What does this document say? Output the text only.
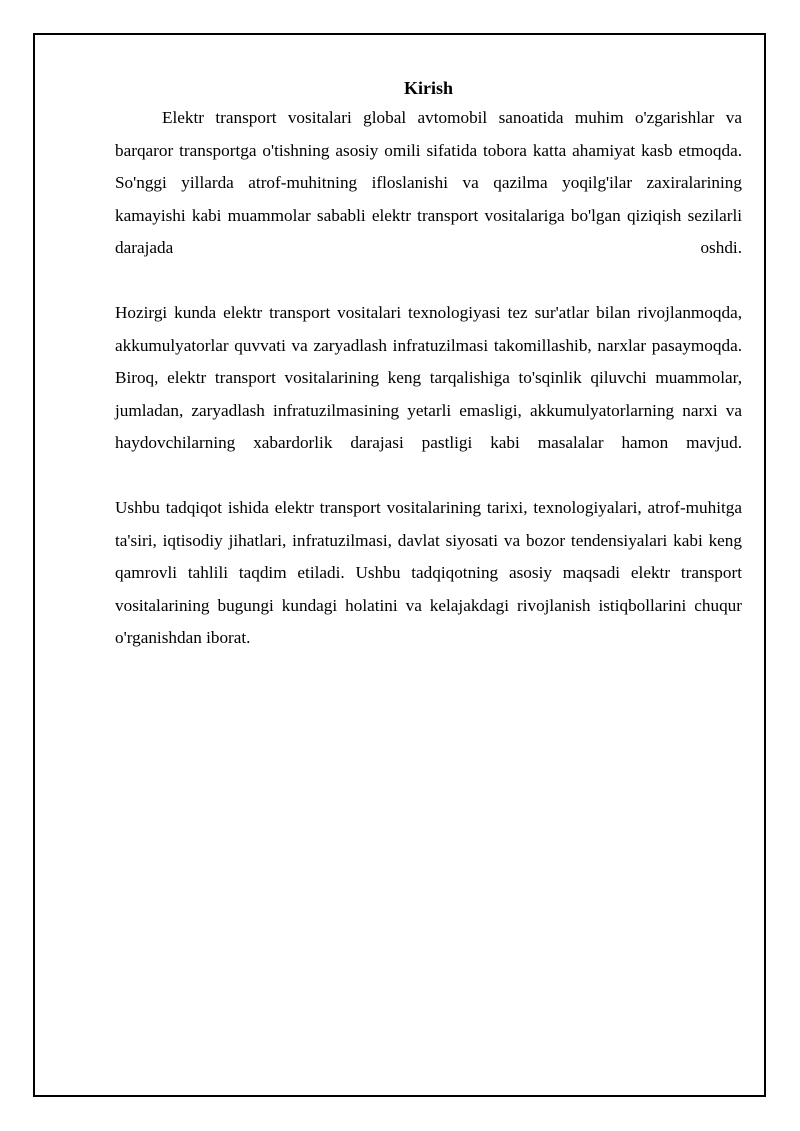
Kirish

Elektr transport vositalari global avtomobil sanoatida muhim o'zgarishlar va barqaror transportga o'tishning asosiy omili sifatida tobora katta ahamiyat kasb etmoqda. So'nggi yillarda atrof-muhitning ifloslanishi va qazilma yoqilg'ilar zaxiralarining kamayishi kabi muammolar sababli elektr transport vositalariga bo'lgan qiziqish sezilarli darajada oshdi.

Hozirgi kunda elektr transport vositalari texnologiyasi tez sur'atlar bilan rivojlanmoqda, akkumulyatorlar quvvati va zaryadlash infratuzilmasi takomillashib, narxlar pasaymoqda. Biroq, elektr transport vositalarining keng tarqalishiga to'sqinlik qiluvchi muammolar, jumladan, zaryadlash infratuzilmasining yetarli emasligi, akkumulyatorlarning narxi va haydovchilarning xabardorlik darajasi pastligi kabi masalalar hamon mavjud.

Ushbu tadqiqot ishida elektr transport vositalarining tarixi, texnologiyalari, atrof-muhitga ta'siri, iqtisodiy jihatlari, infratuzilmasi, davlat siyosati va bozor tendensiyalari kabi keng qamrovli tahlili taqdim etiladi. Ushbu tadqiqotning asosiy maqsadi elektr transport vositalarining bugungi kundagi holatini va kelajakdagi rivojlanish istiqbollarini chuqur o'rganishdan iborat.
